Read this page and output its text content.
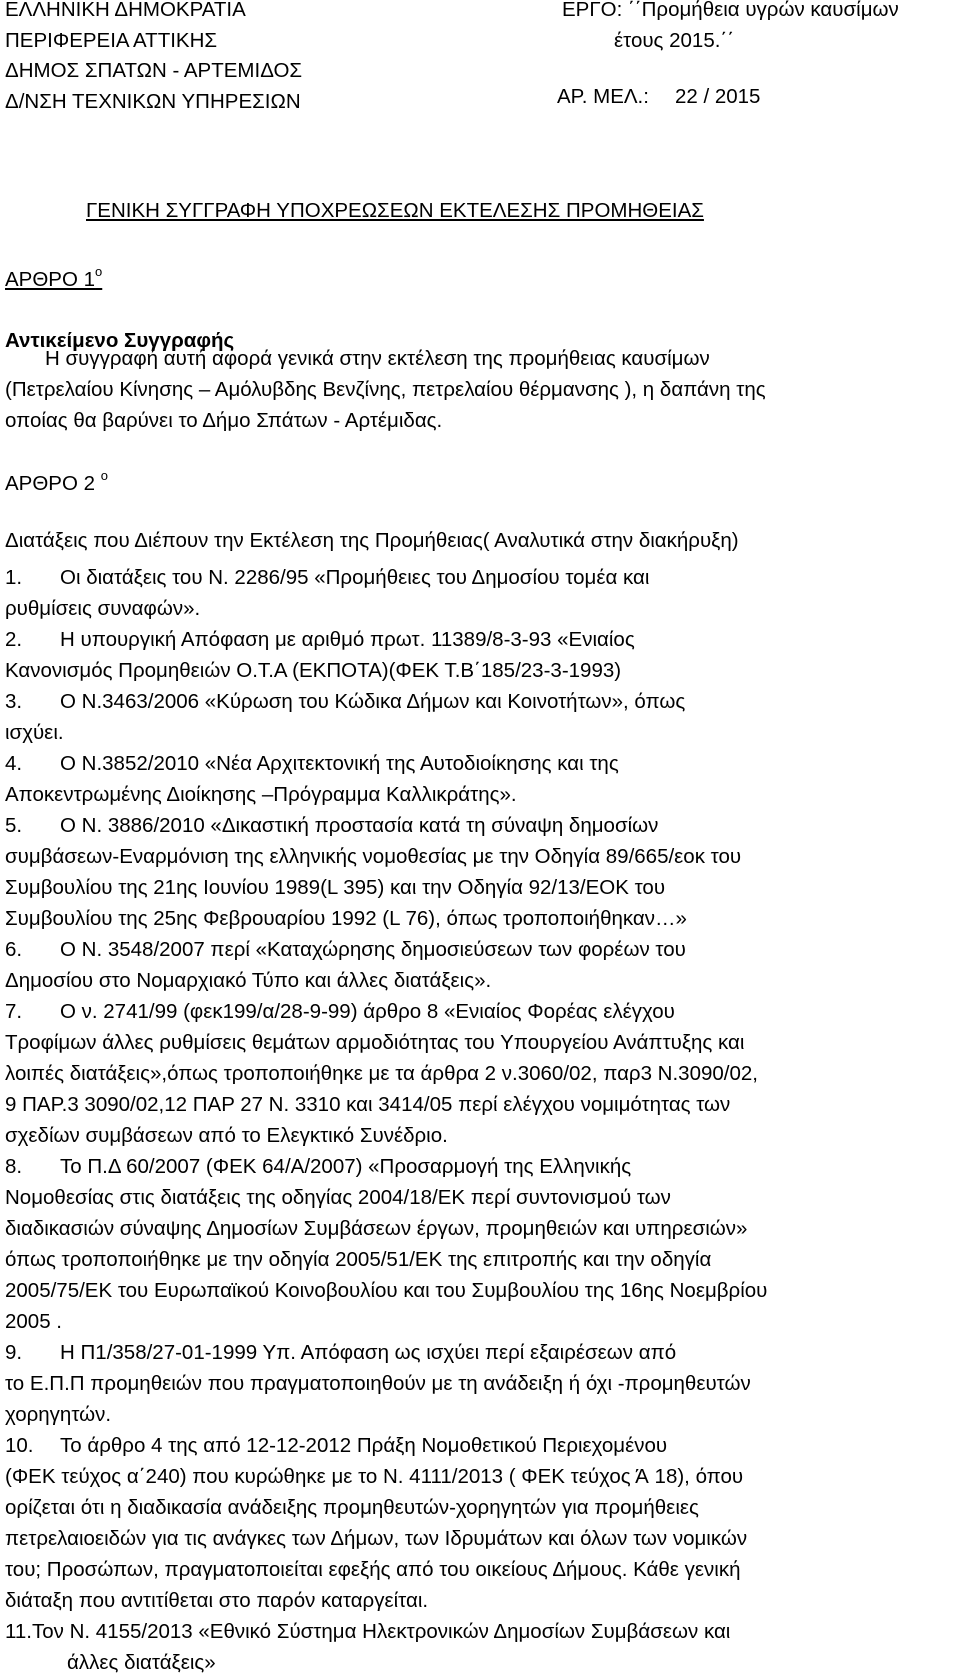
ΕΛΛΗΝΙΚΗ ΔΗΜΟΚΡΑΤΙΑ
ΠΕΡΙΦΕΡΕΙΑ ΑΤΤΙΚΗΣ
ΔΗΜΟΣ ΣΠΑΤΩΝ - ΑΡΤΕΜΙΔΟΣ
Δ/ΝΣΗ ΤΕΧΝΙΚΩΝ ΥΠΗΡΕΣΙΩΝ
ΕΡΓΟ: ΄΄Προμήθεια υγρών καυσίμων
έτους 2015.΄΄
ΑΡ. ΜΕΛ.: 22 / 2015
ΓΕΝΙΚΗ ΣΥΓΓΡΑΦΗ ΥΠΟΧΡΕΩΣΕΩΝ ΕΚΤΕΛΕΣΗΣ ΠΡΟΜΗΘΕΙΑΣ
ΑΡΘΡΟ $1^o$
Αντικείμενο Συγγραφής
Η συγγραφή αυτή αφορά γενικά στην εκτέλεση της προμήθειας καυσίμων
(Πετρελαίου Κίνησης – Αμόλυβδης Βενζίνης, πετρελαίου θέρμανσης ), η δαπάνη της
οποίας θα βαρύνει το Δήμο Σπάτων - Αρτέμιδας.
ΑΡΘΡΟ 2 $^o$
Διατάξεις που Διέπουν την Εκτέλεση της Προμήθειας( Αναλυτικά στην διακήρυξη)
1. Οι διατάξεις του Ν. 2286/95 «Προμήθειες του Δημοσίου τομέα και
ρυθμίσεις συναφών».
2. Η υπουργική Απόφαση με αριθμό πρωτ. 11389/8-3-93 «Ενιαίος
Κανονισμός Προμηθειών Ο.Τ.Α (ΕΚΠΟΤΑ)(ΦΕΚ Τ.Β΄185/23-3-1993)
3. Ο Ν.3463/2006 «Κύρωση του Κώδικα Δήμων και Κοινοτήτων», όπως
ισχύει.
4. Ο Ν.3852/2010 «Νέα Αρχιτεκτονική της Αυτοδιοίκησης και της
Αποκεντρωμένης Διοίκησης –Πρόγραμμα Καλλικράτης».
5. Ο Ν. 3886/2010 «Δικαστική προστασία κατά τη σύναψη δημοσίων
συμβάσεων-Εναρμόνιση της ελληνικής νομοθεσίας με την Οδηγία 89/665/εοκ του
Συμβουλίου της 21ης Ιουνίου 1989(L 395) και την Οδηγία 92/13/ΕΟΚ του
Συμβουλίου της 25ης Φεβρουαρίου 1992 (L 76), όπως τροποποιήθηκαν…»
6. Ο Ν. 3548/2007 περί «Καταχώρησης δημοσιεύσεων των φορέων του
Δημοσίου στο Νομαρχιακό Τύπο και άλλες διατάξεις».
7. Ο ν. 2741/99 (φεκ199/α/28-9-99) άρθρο 8 «Ενιαίος Φορέας ελέγχου
Τροφίμων άλλες ρυθμίσεις θεμάτων αρμοδιότητας του Υπουργείου Ανάπτυξης και
λοιπές διατάξεις»,όπως τροποποιήθηκε με τα άρθρα 2 ν.3060/02, παρ3 Ν.3090/02,
9 ΠΑΡ.3 3090/02,12 ΠΑΡ 27 Ν. 3310 και 3414/05 περί ελέγχου νομιμότητας των
σχεδίων συμβάσεων από το Ελεγκτικό Συνέδριο.
8. Το Π.Δ 60/2007 (ΦΕΚ 64/Α/2007) «Προσαρμογή της Ελληνικής
Νομοθεσίας στις διατάξεις της οδηγίας 2004/18/ΕΚ περί συντονισμού των
διαδικασιών σύναψης Δημοσίων Συμβάσεων έργων, προμηθειών και υπηρεσιών»
όπως τροποποιήθηκε με την οδηγία 2005/51/ΕΚ της επιτροπής και την οδηγία
2005/75/ΕΚ του Ευρωπαϊκού Κοινοβουλίου και του Συμβουλίου της 16ης Νοεμβρίου
2005 .
9. Η Π1/358/27-01-1999 Υπ. Απόφαση ως ισχύει περί εξαιρέσεων από
το Ε.Π.Π προμηθειών που πραγματοποιηθούν με τη ανάδειξη ή όχι -προμηθευτών
χορηγητών.
10. Το άρθρο 4 της από 12-12-2012 Πράξη Νομοθετικού Περιεχομένου
(ΦΕΚ τεύχος α΄240) που κυρώθηκε με το Ν. 4111/2013 ( ΦΕΚ τεύχος Ά 18), όπου
ορίζεται ότι η διαδικασία ανάδειξης προμηθευτών-χορηγητών για προμήθειες
πετρελαιοειδών για τις ανάγκες των Δήμων, των Ιδρυμάτων και όλων των νομικών
του; Προσώπων, πραγματοποιείται εφεξής από του οικείους Δήμους. Κάθε γενική
διάταξη που αντιτίθεται στο παρόν καταργείται.
11.Τον Ν. 4155/2013 «Εθνικό Σύστημα Ηλεκτρονικών Δημοσίων Συμβάσεων και
άλλες διατάξεις»
